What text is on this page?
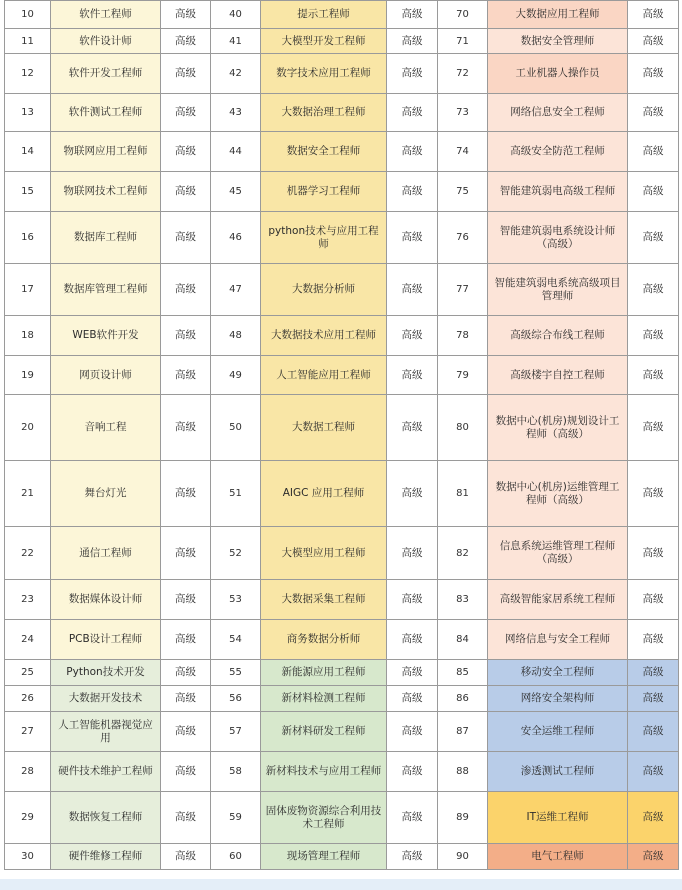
10	软件工程师	高级	40	提示工程师	高级	70	大数据应用工程师	高级
11	软件设计师	高级	41	大模型开发工程师	高级	71	数据安全管理师	高级
12	软件开发工程师	高级	42	数字技术应用工程师	高级	72	工业机器人操作员	高级
13	软件测试工程师	高级	43	大数据治理工程师	高级	73	网络信息安全工程师	高级
14	物联网应用工程师	高级	44	数据安全工程师	高级	74	高级安全防范工程师	高级
15	物联网技术工程师	高级	45	机器学习工程师	高级	75	智能建筑弱电高级工程师	高级
16	数据库工程师	高级	46	python技术与应用工程师	高级	76	智能建筑弱电系统设计师（高级）	高级
17	数据库管理工程师	高级	47	大数据分析师	高级	77	智能建筑弱电系统高级项目管理师	高级
18	WEB软件开发	高级	48	大数据技术应用工程师	高级	78	高级综合布线工程师	高级
19	网页设计师	高级	49	人工智能应用工程师	高级	79	高级楼宇自控工程师	高级
20	音响工程	高级	50	大数据工程师	高级	80	数据中心(机房)规划设计工程师（高级）	高级
21	舞台灯光	高级	51	AIGC 应用工程师	高级	81	数据中心(机房)运维管理工程师（高级）	高级
22	通信工程师	高级	52	大模型应用工程师	高级	82	信息系统运维管理工程师（高级）	高级
23	数据媒体设计师	高级	53	大数据采集工程师	高级	83	高级智能家居系统工程师	高级
24	PCB设计工程师	高级	54	商务数据分析师	高级	84	网络信息与安全工程师	高级
25	Python技术开发	高级	55	新能源应用工程师	高级	85	移动安全工程师	高级
26	大数据开发技术	高级	56	新材料检测工程师	高级	86	网络安全架构师	高级
27	人工智能机器视觉应用	高级	57	新材料研发工程师	高级	87	安全运维工程师	高级
28	硬件技术维护工程师	高级	58	新材料技术与应用工程师	高级	88	渗透测试工程师	高级
29	数据恢复工程师	高级	59	固体废物资源综合利用技术工程师	高级	89	IT运维工程师	高级
30	硬件维修工程师	高级	60	现场管理工程师	高级	90	电气工程师	高级
